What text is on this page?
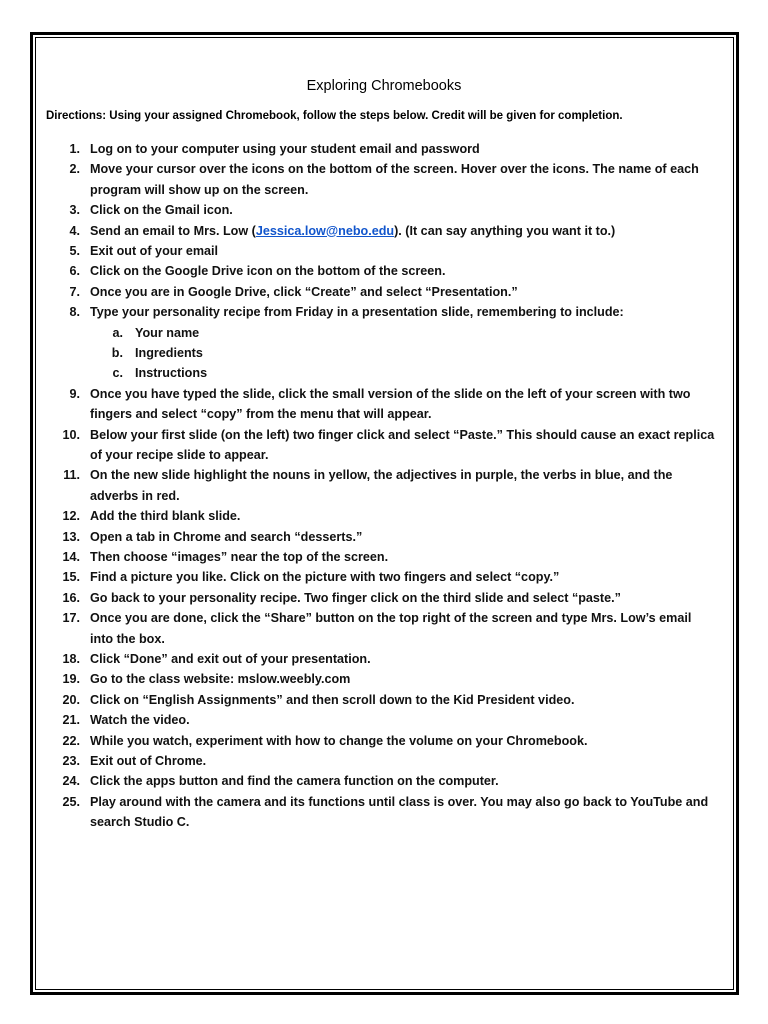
Exploring Chromebooks
Directions: Using your assigned Chromebook, follow the steps below. Credit will be given for completion.
1. Log on to your computer using your student email and password
2. Move your cursor over the icons on the bottom of the screen. Hover over the icons. The name of each
program will show up on the screen.
3. Click on the Gmail icon.
4. Send an email to Mrs. Low (Jessica.low@nebo.edu). (It can say anything you want it to.)
5. Exit out of your email
6. Click on the Google Drive icon on the bottom of the screen.
7. Once you are in Google Drive, click “Create” and select “Presentation.”
8. Type your personality recipe from Friday in a presentation slide, remembering to include:
a. Your name
b. Ingredients
c. Instructions
9. Once you have typed the slide, click the small version of the slide on the left of your screen with two
fingers and select “copy” from the menu that will appear.
10. Below your first slide (on the left) two finger click and select “Paste.” This should cause an exact replica
of your recipe slide to appear.
11. On the new slide highlight the nouns in yellow, the adjectives in purple, the verbs in blue, and the
adverbs in red.
12. Add the third blank slide.
13. Open a tab in Chrome and search “desserts.”
14. Then choose “images” near the top of the screen.
15. Find a picture you like. Click on the picture with two fingers and select “copy.”
16. Go back to your personality recipe. Two finger click on the third slide and select “paste.”
17. Once you are done, click the “Share” button on the top right of the screen and type Mrs. Low’s email
into the box.
18. Click “Done” and exit out of your presentation.
19. Go to the class website: mslow.weebly.com
20. Click on “English Assignments” and then scroll down to the Kid President video.
21. Watch the video.
22. While you watch, experiment with how to change the volume on your Chromebook.
23. Exit out of Chrome.
24. Click the apps button and find the camera function on the computer.
25. Play around with the camera and its functions until class is over. You may also go back to YouTube and
search Studio C.
